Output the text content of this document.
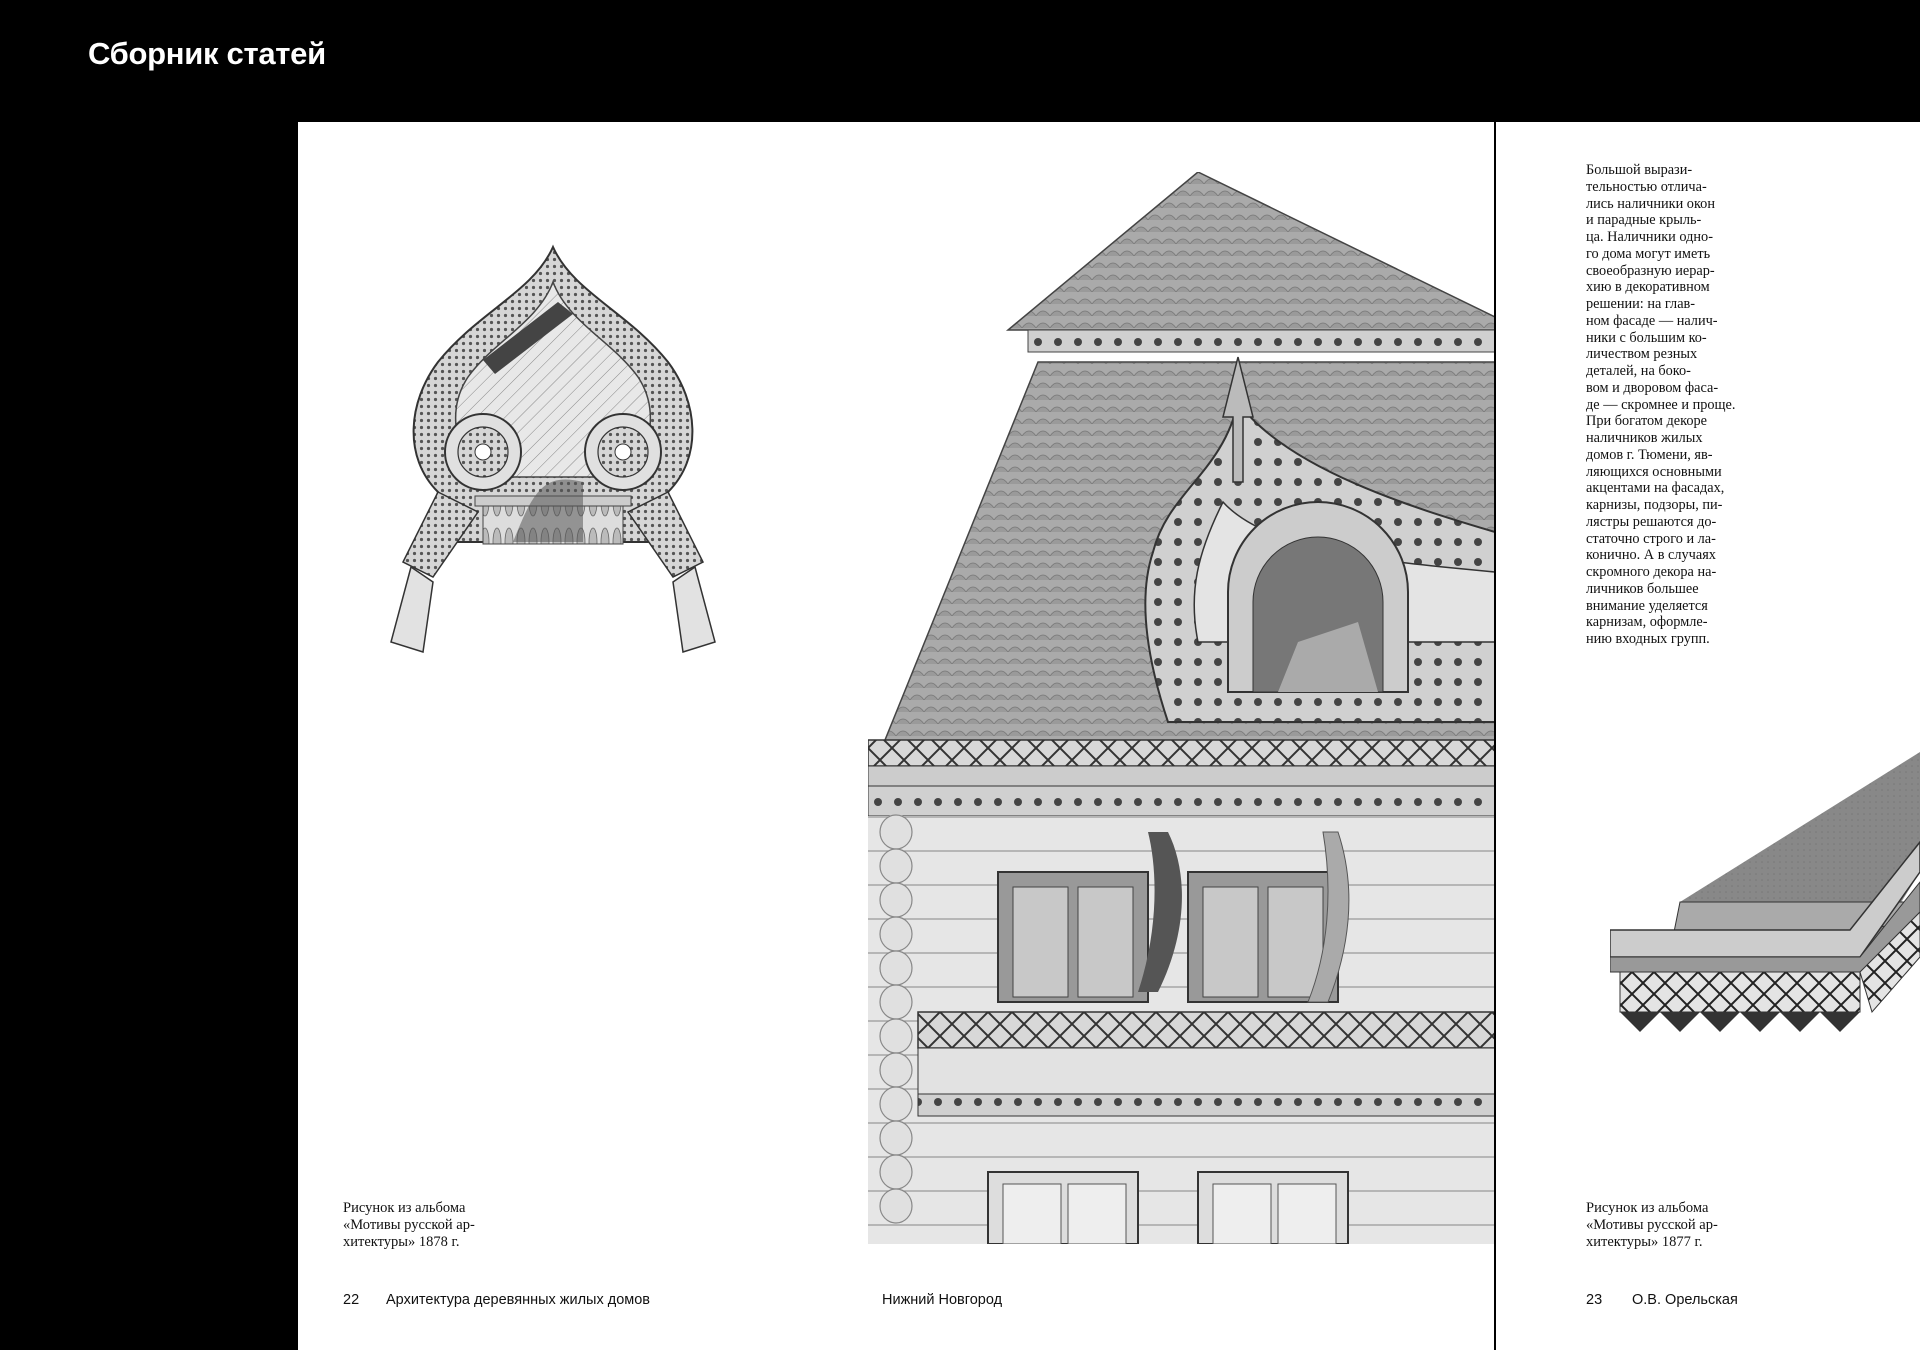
Сборник статей
Рисунок из альбома
«Мотивы русской ар-
хитектуры» 1878 г.
22 Архитектура деревянных жилых домов	Нижний Новгород
Большой вырази-
тельностью отлича-
лись наличники окон
и парадные крыль-
ца. Наличники одно-
го дома могут иметь
своеобразную иерар-
хию в декоративном
решении: на глав-
ном фасаде — налич-
ники с большим ко-
личеством резных
деталей, на боко-
вом и дворовом фаса-
де — скромнее и проще.
При богатом декоре
наличников жилых
домов г. Тюмени, яв-
ляющихся основными
акцентами на фасадах,
карнизы, подзоры, пи-
лястры решаются до-
статочно строго и ла-
конично. А в случаях
скромного декора на-
личников большее
внимание уделяется
карнизам, оформле-
нию входных групп.
Рисунок из альбома
«Мотивы русской ар-
хитектуры» 1877 г.
23 О.В. Орельская
